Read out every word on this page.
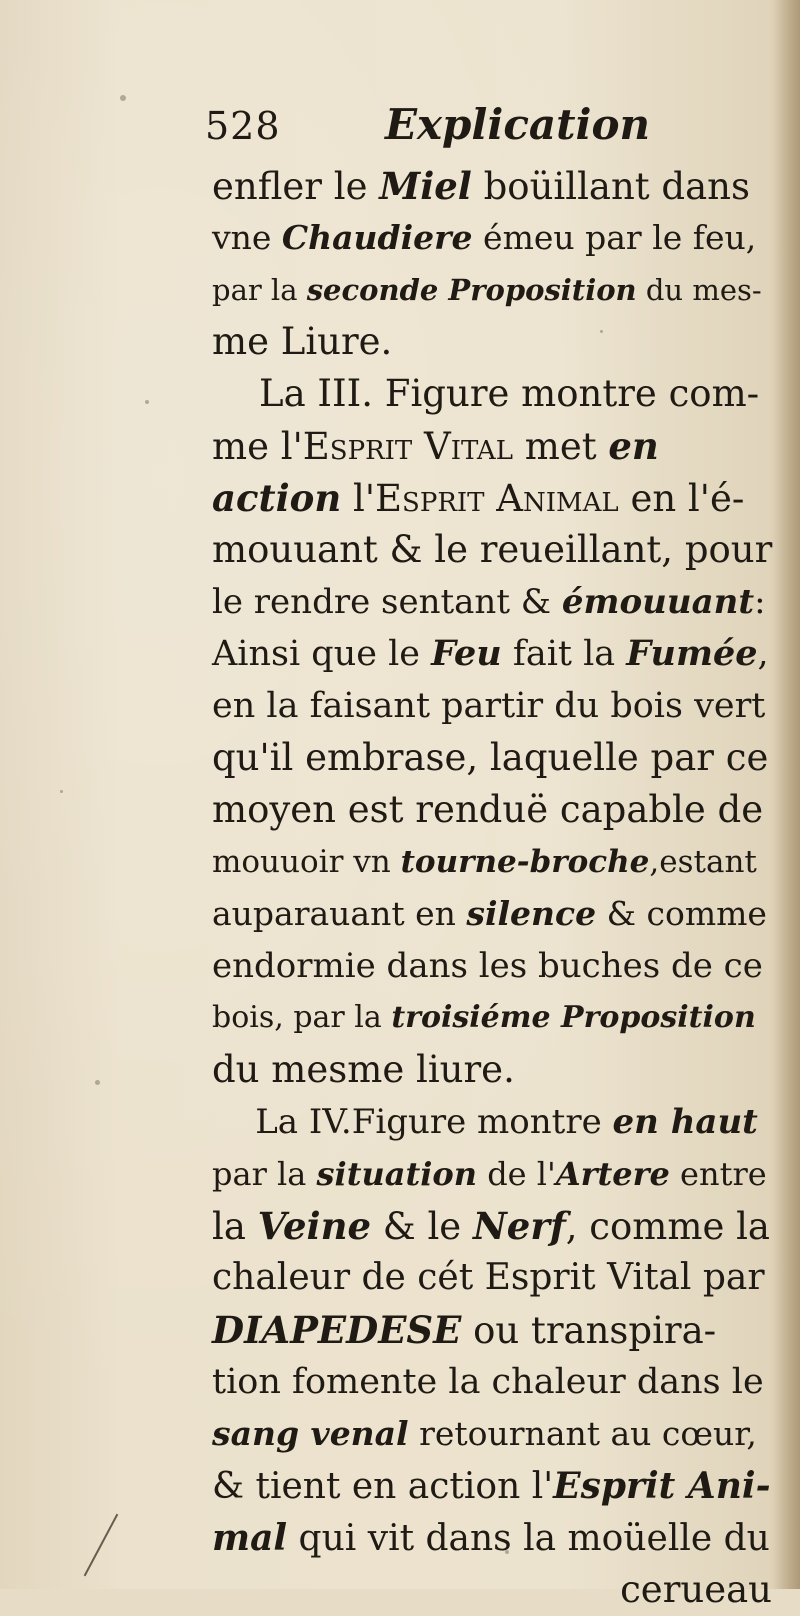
528 Explication
enfler le Miel boüillant dans
vne Chaudiere émeu par le feu,
par la seconde Proposition du mes-
me Liure.
La III. Figure montre com-
me l'Esprit Vital met en
action l'Esprit Animal en l'é-
mouuant & le reueillant, pour
le rendre sentant & émouuant:
Ainsi que le Feu fait la Fumée,
en la faisant partir du bois vert
qu'il embrase, laquelle par ce
moyen est renduë capable de
mouuoir vn tourne-broche,estant
auparauant en silence & comme
endormie dans les buches de ce
bois, par la troisiéme Proposition
du mesme liure.
La IV.Figure montre en haut
par la situation de l'Artere entre
la Veine & le Nerf, comme la
chaleur de cét Esprit Vital par
DIAPEDESE ou transpira-
tion fomente la chaleur dans le
sang venal retournant au cœur,
& tient en action l'Esprit Ani-
mal qui vit dans la moüelle du
cerueau
